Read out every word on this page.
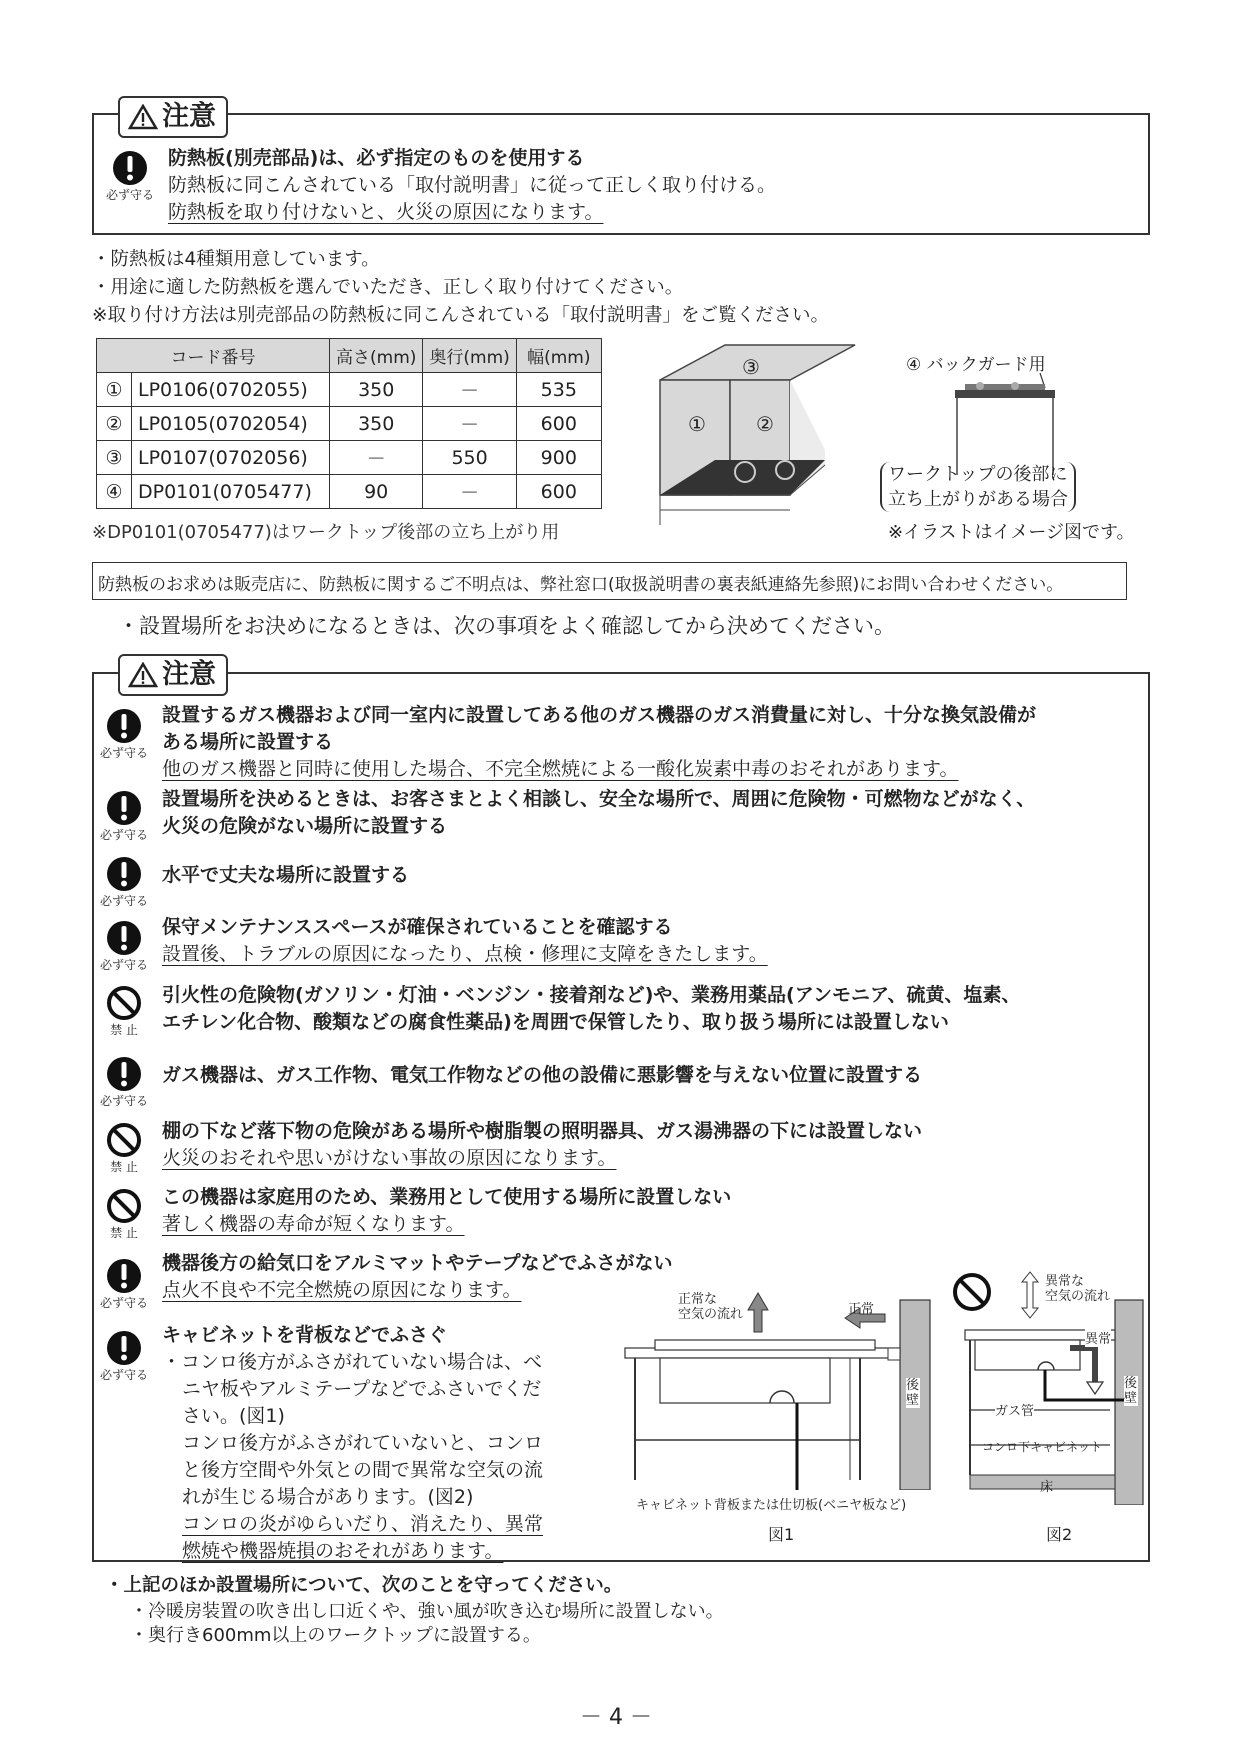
注意
必ず守る
防熱板(別売部品)は、必ず指定のものを使用する
防熱板に同こんされている「取付説明書」に従って正しく取り付ける。
防熱板を取り付けないと、火災の原因になります。
・防熱板は4種類用意しています。
・用途に適した防熱板を選んでいただき、正しく取り付けてください。
※取り付け方法は別売部品の防熱板に同こんされている「取付説明書」をご覧ください。
コード番号		高さ(mm)	奥行(mm)	幅(mm)
①	LP0106(0702055)	350	－	535
②	LP0105(0702054)	350	－	600
③	LP0107(0702056)	－	550	900
④	DP0101(0705477)	90	－	600
※DP0101(0705477)はワークトップ後部の立ち上がり用
③
①	②
④ バックガード用
ワークトップの後部に
立ち上がりがある場合
※イラストはイメージ図です。
防熱板のお求めは販売店に、防熱板に関するご不明点は、弊社窓口(取扱説明書の裏表紙連絡先参照)にお問い合わせください。
・設置場所をお決めになるときは、次の事項をよく確認してから決めてください。
注意
必ず守る
設置するガス機器および同一室内に設置してある他のガス機器のガス消費量に対し、十分な換気設備が
ある場所に設置する
他のガス機器と同時に使用した場合、不完全燃焼による一酸化炭素中毒のおそれがあります。
必ず守る
設置場所を決めるときは、お客さまとよく相談し、安全な場所で、周囲に危険物・可燃物などがなく、
火災の危険がない場所に設置する
必ず守る
水平で丈夫な場所に設置する
必ず守る
保守メンテナンススペースが確保されていることを確認する
設置後、トラブルの原因になったり、点検・修理に支障をきたします。
禁 止
引火性の危険物(ガソリン・灯油・ベンジン・接着剤など)や、業務用薬品(アンモニア、硫黄、塩素、
エチレン化合物、酸類などの腐食性薬品)を周囲で保管したり、取り扱う場所には設置しない
必ず守る
ガス機器は、ガス工作物、電気工作物などの他の設備に悪影響を与えない位置に設置する
禁 止
棚の下など落下物の危険がある場所や樹脂製の照明器具、ガス湯沸器の下には設置しない
火災のおそれや思いがけない事故の原因になります。
禁 止
この機器は家庭用のため、業務用として使用する場所に設置しない
著しく機器の寿命が短くなります。
必ず守る
機器後方の給気口をアルミマットやテープなどでふさがない
点火不良や不完全燃焼の原因になります。
必ず守る
キャビネットを背板などでふさぐ
・コンロ後方がふさがれていない場合は、べ
ニヤ板やアルミテープなどでふさいでくだ
さい。(図1)
コンロ後方がふさがれていないと、コンロ
と後方空間や外気との間で異常な空気の流
れが生じる場合があります。(図2)
コンロの炎がゆらいだり、消えたり、異常
燃焼や機器焼損のおそれがあります。
正常な
空気の流れ	正常
後壁
キャビネット背板または仕切板(ベニヤ板など)
図1
異常な
空気の流れ
異常
ガス管
後壁
コンロ下キャビネット
床
図2
・上記のほか設置場所について、次のことを守ってください。
・冷暖房装置の吹き出し口近くや、強い風が吹き込む場所に設置しない。
・奥行き600mm以上のワークトップに設置する。
－ 4 －
